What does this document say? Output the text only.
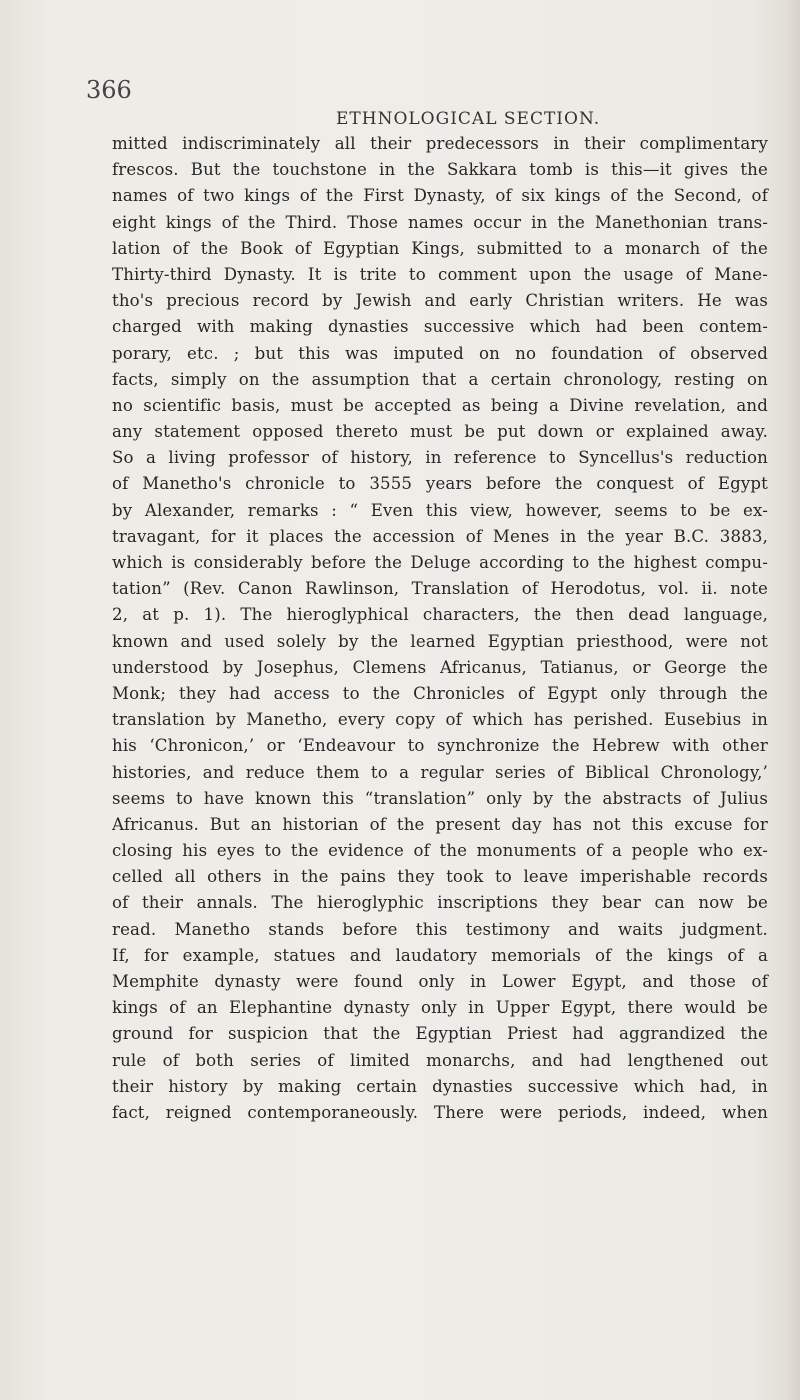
366
ETHNOLOGICAL SECTION.
mitted indiscriminately all their predecessors in their complimentary
frescos. But the touchstone in the Sakkara tomb is this—it gives the
names of two kings of the First Dynasty, of six kings of the Second, of
eight kings of the Third. Those names occur in the Manethonian trans-
lation of the Book of Egyptian Kings, submitted to a monarch of the
Thirty-third Dynasty. It is trite to comment upon the usage of Mane-
tho's precious record by Jewish and early Christian writers. He was
charged with making dynasties successive which had been contem-
porary, etc. ; but this was imputed on no foundation of observed
facts, simply on the assumption that a certain chronology, resting on
no scientific basis, must be accepted as being a Divine revelation, and
any statement opposed thereto must be put down or explained away.
So a living professor of history, in reference to Syncellus's reduction
of Manetho's chronicle to 3555 years before the conquest of Egypt
by Alexander, remarks : “ Even this view, however, seems to be ex-
travagant, for it places the accession of Menes in the year B.C. 3883,
which is considerably before the Deluge according to the highest compu-
tation” (Rev. Canon Rawlinson, Translation of Herodotus, vol. ii. note
2, at p. 1). The hieroglyphical characters, the then dead language,
known and used solely by the learned Egyptian priesthood, were not
understood by Josephus, Clemens Africanus, Tatianus, or George the
Monk; they had access to the Chronicles of Egypt only through the
translation by Manetho, every copy of which has perished. Eusebius in
his ‘Chronicon,’ or ‘Endeavour to synchronize the Hebrew with other
histories, and reduce them to a regular series of Biblical Chronology,’
seems to have known this “translation” only by the abstracts of Julius
Africanus. But an historian of the present day has not this excuse for
closing his eyes to the evidence of the monuments of a people who ex-
celled all others in the pains they took to leave imperishable records
of their annals. The hieroglyphic inscriptions they bear can now be
read. Manetho stands before this testimony and waits judgment.
If, for example, statues and laudatory memorials of the kings of a
Memphite dynasty were found only in Lower Egypt, and those of
kings of an Elephantine dynasty only in Upper Egypt, there would be
ground for suspicion that the Egyptian Priest had aggrandized the
rule of both series of limited monarchs, and had lengthened out
their history by making certain dynasties successive which had, in
fact, reigned contemporaneously. There were periods, indeed, when
